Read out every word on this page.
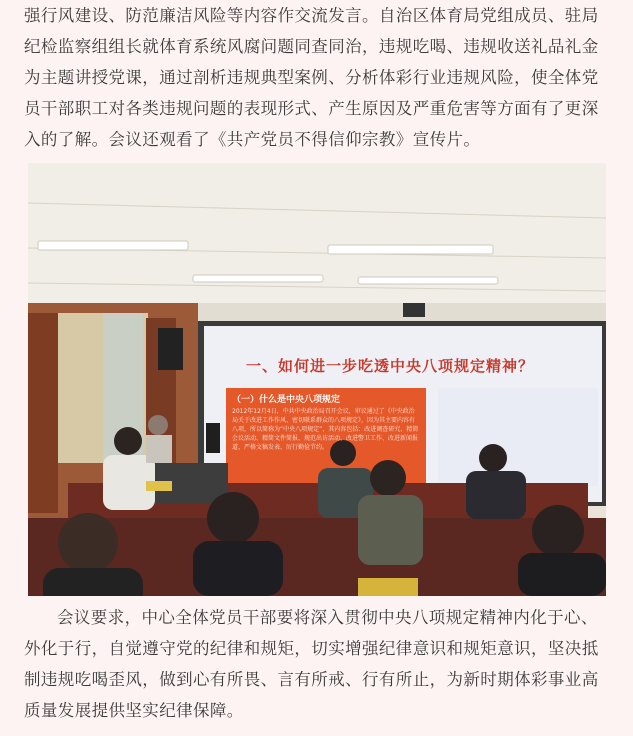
强行风建设、防范廉洁风险等内容作交流发言。自治区体育局党组成员、驻局纪检监察组组长就体育系统风腐问题同查同治，违规吃喝、违规收送礼品礼金为主题讲授党课，通过剖析违规典型案例、分析体彩行业违规风险，使全体党员干部职工对各类违规问题的表现形式、产生原因及严重危害等方面有了更深入的了解。会议还观看了《共产党员不得信仰宗教》宣传片。

一、如何进一步吃透中央八项规定精神？
（一）什么是中央八项规定
2012年12月4日，中共中央政治局召开会议，审议通过了《中央政治局关于改进工作作风、密切联系群众的八项规定》，因为其主要内容有八项，所以简称为“中央八项规定”，其内容包括：改进调查研究、精简会议活动、精简文件简报、规范出访活动、改进警卫工作、改进新闻报道、严格文稿发表、厉行勤俭节约。

会议要求，中心全体党员干部要将深入贯彻中央八项规定精神内化于心、外化于行，自觉遵守党的纪律和规矩，切实增强纪律意识和规矩意识，坚决抵制违规吃喝歪风，做到心有所畏、言有所戒、行有所止，为新时期体彩事业高质量发展提供坚实纪律保障。
